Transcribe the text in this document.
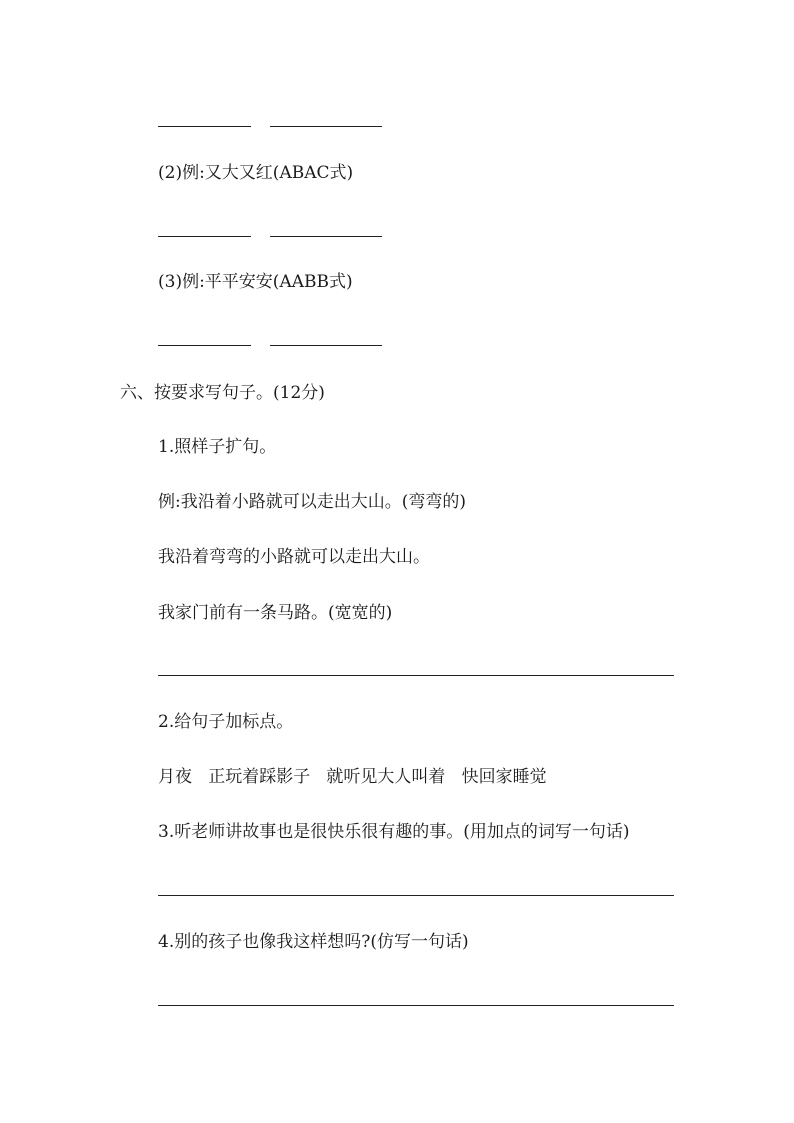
(2)例:又大又红(ABAC式)
(3)例:平平安安(AABB式)
六、按要求写句子。(12分)
1.照样子扩句。
例:我沿着小路就可以走出大山。(弯弯的)
我沿着弯弯的小路就可以走出大山。
我家门前有一条马路。(宽宽的)
2.给句子加标点。
月夜   正玩着踩影子   就听见大人叫着   快回家睡觉
3.听老师讲故事也是很快乐很有趣的事。(用加点的词写一句话)
4.别的孩子也像我这样想吗?(仿写一句话)
